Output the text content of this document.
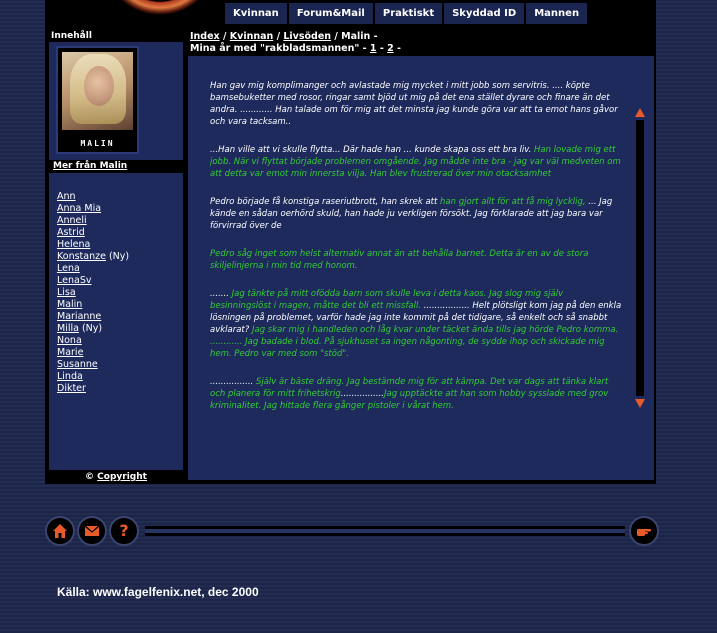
Kvinnan	Forum&Mail	Praktiskt	Skyddad ID	Mannen
Innehåll
MALIN
Mer från Malin
Ann
Anna Mia
Anneli
Astrid
Helena
Konstanze (Ny)
Lena
LenaSv
Lisa
Malin
Marianne
Milla (Ny)
Nona
Marie
Susanne
Linda
Dikter
© Copyright
Index / Kvinnan / Livsöden / Malin -
Mina år med "rakbladsmannen" - 1 - 2 -

Han gav mig komplimanger och avlastade mig mycket i mitt jobb som servitris. .... köpte bamsebuketter med rosor, ringar samt bjöd ut mig på det ena stället dyrare och finare än det andra. ............ Han talade om för mig att det minsta jag kunde göra var att ta emot hans gåvor och vara tacksam..

...Han ville att vi skulle flytta... Där hade han ... kunde skapa oss ett bra liv. Han lovade mig ett jobb. När vi flyttat började problemen omgående. Jag mådde inte bra - jag var väl medveten om att detta var emot min innersta vilja. Han blev frustrerad över min otacksamhet

Pedro började få konstiga raseriutbrott, han skrek att han gjort allt för att få mig lycklig, ... Jag kände en sådan oerhörd skuld, han hade ju verkligen försökt. Jag förklarade att jag bara var förvirrad över de

Pedro såg inget som helst alternativ annat än att behålla barnet. Detta är en av de stora skiljelinjerna i min tid med honom.

....... Jag tänkte på mitt ofödda barn som skulle leva i detta kaos. Jag slog mig själv besinningslöst i magen, måtte det bli ett missfall. ................. Helt plötsligt kom jag på den enkla lösningen på problemet, varför hade jag inte kommit på det tidigare, så enkelt och så snabbt avklarat? Jag skar mig i handleden och låg kvar under täcket ända tills jag hörde Pedro komma. ............ Jag badade i blod. På sjukhuset sa ingen någonting, de sydde ihop och skickade mig hem. Pedro var med som "stöd".

................ Själv är bäste dräng. Jag bestämde mig för att kämpa. Det var dags att tänka klart och planera för mitt frihetskrig................Jag upptäckte att han som hobby sysslade med grov kriminalitet. Jag hittade flera gånger pistoler i vårat hem.

?
Källa: www.fagelfenix.net, dec 2000
